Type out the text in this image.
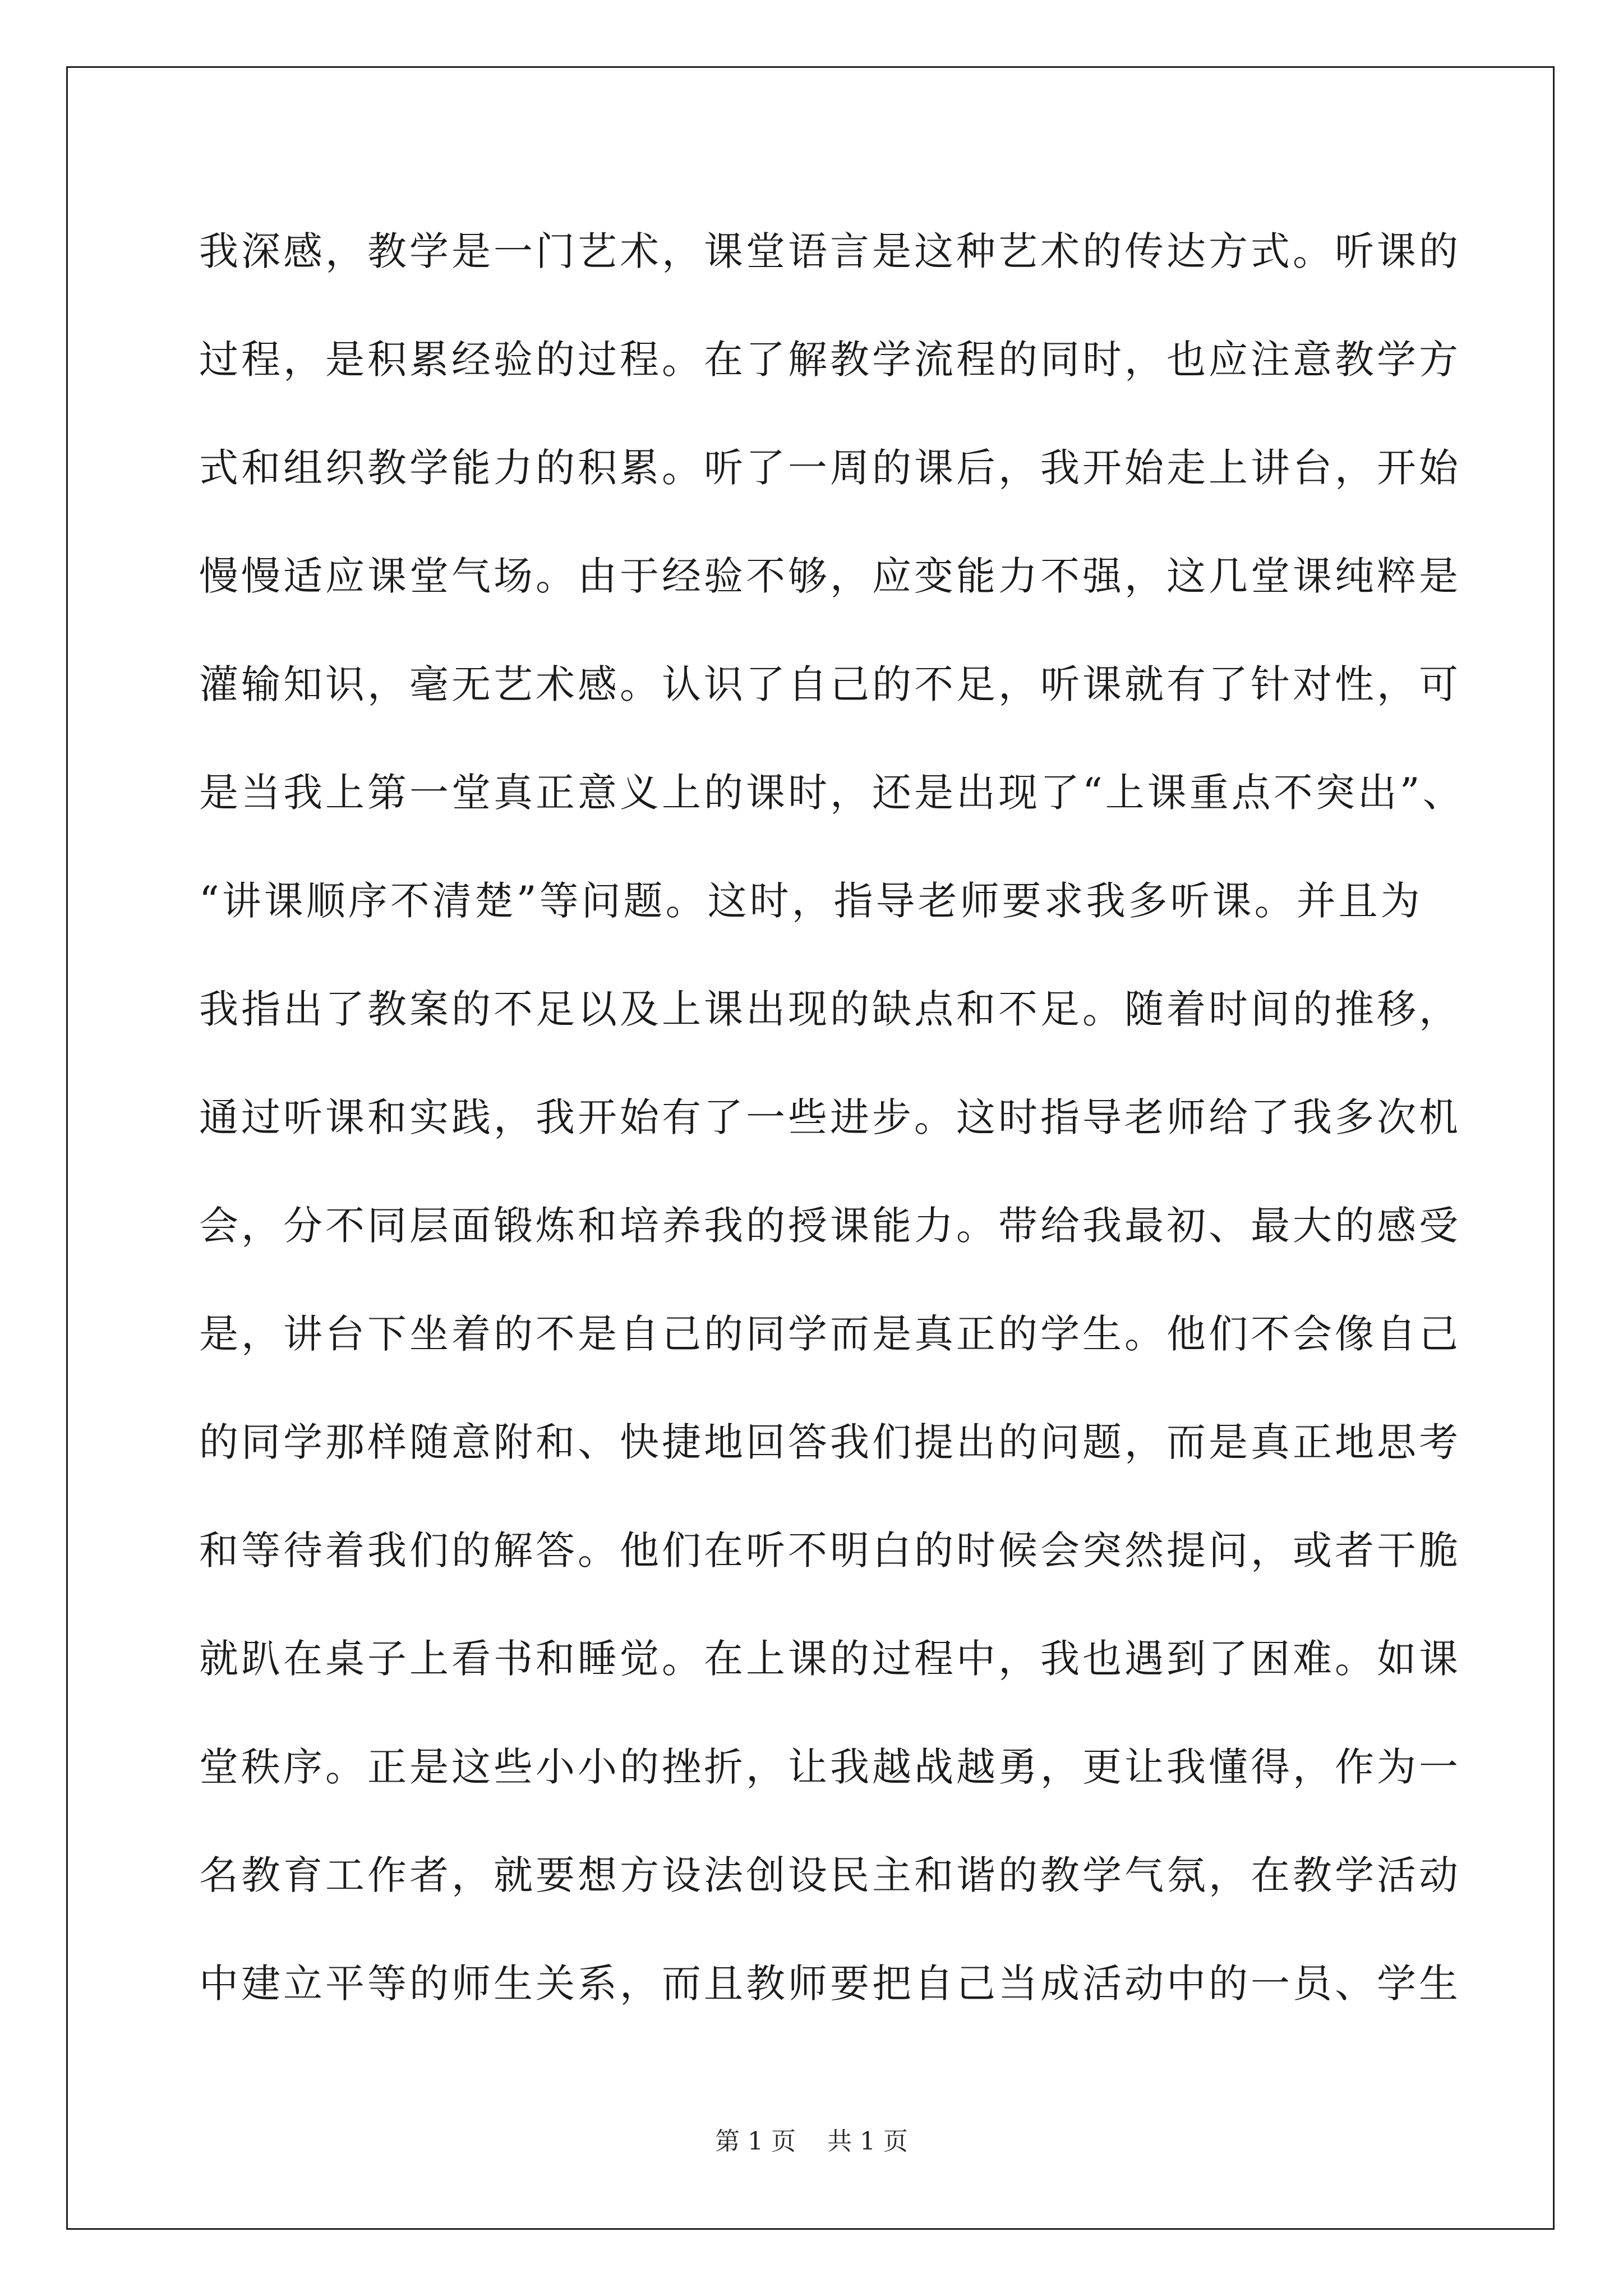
我深感，教学是一门艺术，课堂语言是这种艺术的传达方式。听课的
过程，是积累经验的过程。在了解教学流程的同时，也应注意教学方
式和组织教学能力的积累。听了一周的课后，我开始走上讲台，开始
慢慢适应课堂气场。由于经验不够，应变能力不强，这几堂课纯粹是
灌输知识，毫无艺术感。认识了自己的不足，听课就有了针对性，可
是当我上第一堂真正意义上的课时，还是出现了“上课重点不突出”、
“讲课顺序不清楚”等问题。这时，指导老师要求我多听课。并且为
我指出了教案的不足以及上课出现的缺点和不足。随着时间的推移，
通过听课和实践，我开始有了一些进步。这时指导老师给了我多次机
会，分不同层面锻炼和培养我的授课能力。带给我最初、最大的感受
是，讲台下坐着的不是自己的同学而是真正的学生。他们不会像自己
的同学那样随意附和、快捷地回答我们提出的问题，而是真正地思考
和等待着我们的解答。他们在听不明白的时候会突然提问，或者干脆
就趴在桌子上看书和睡觉。在上课的过程中，我也遇到了困难。如课
堂秩序。正是这些小小的挫折，让我越战越勇，更让我懂得，作为一
名教育工作者，就要想方设法创设民主和谐的教学气氛，在教学活动
中建立平等的师生关系，而且教师要把自己当成活动中的一员、学生
第 1 页 共 1 页
